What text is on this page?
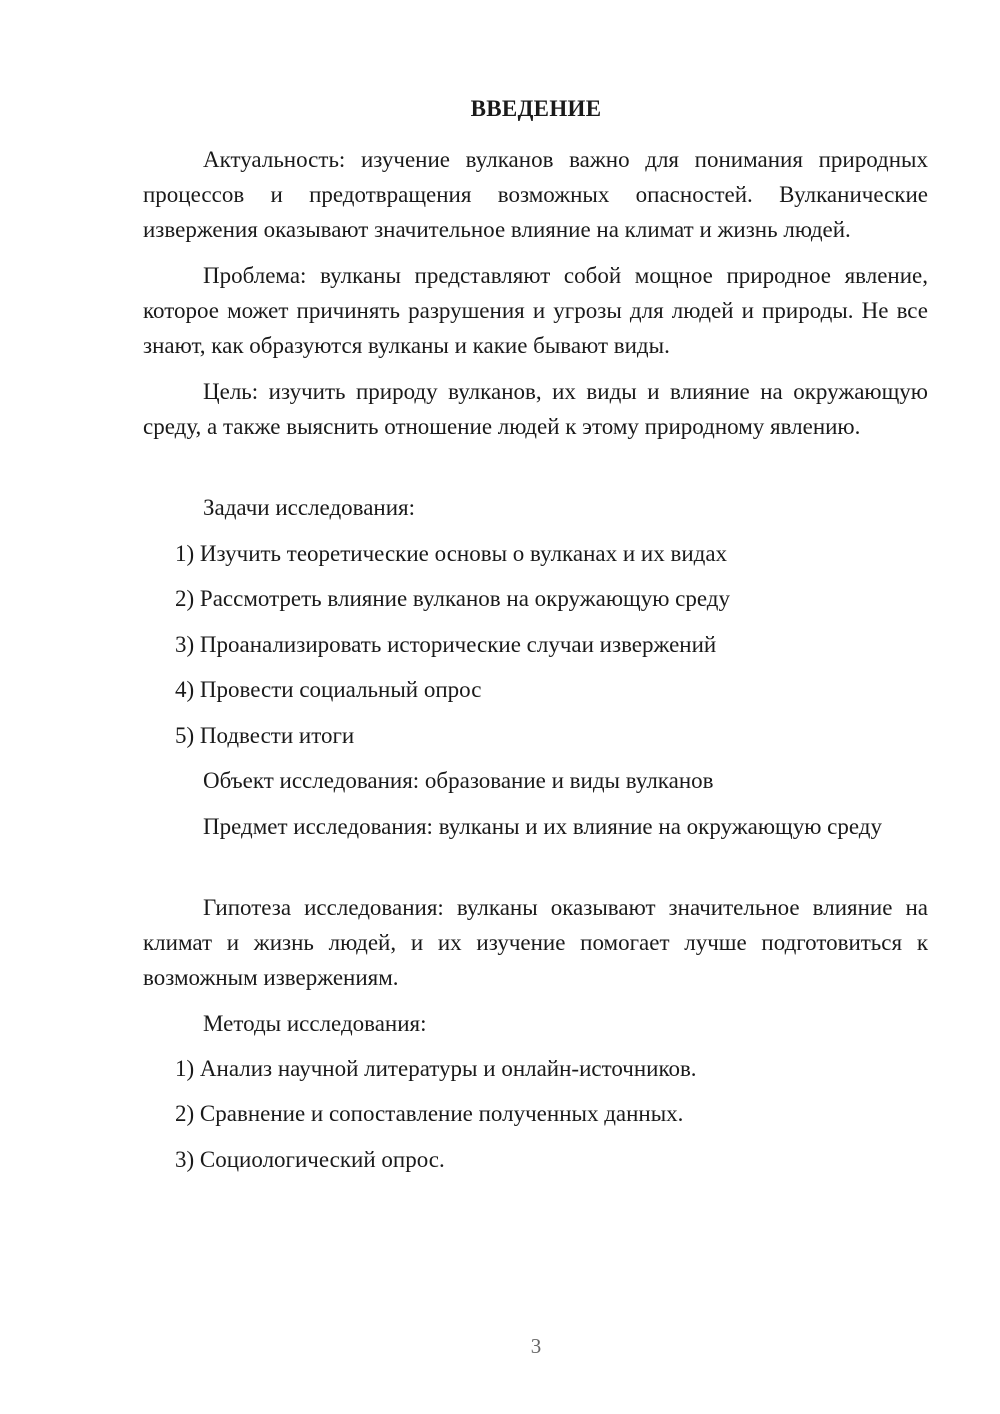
ВВЕДЕНИЕ
Актуальность: изучение вулканов важно для понимания природных процессов и предотвращения возможных опасностей. Вулканические извержения оказывают значительное влияние на климат и жизнь людей.
Проблема: вулканы представляют собой мощное природное явление, которое может причинять разрушения и угрозы для людей и природы. Не все знают, как образуются вулканы и какие бывают виды.
Цель: изучить природу вулканов, их виды и влияние на окружающую среду, а также выяснить отношение людей к этому природному явлению.
Задачи исследования:
1) Изучить теоретические основы о вулканах и их видах
2) Рассмотреть влияние вулканов на окружающую среду
3) Проанализировать исторические случаи извержений
4) Провести социальный опрос
5) Подвести итоги
Объект исследования: образование и виды вулканов
Предмет исследования: вулканы и их влияние на окружающую среду
Гипотеза исследования: вулканы оказывают значительное влияние на климат и жизнь людей, и их изучение помогает лучше подготовиться к возможным извержениям.
Методы исследования:
1) Анализ научной литературы и онлайн-источников.
2) Сравнение и сопоставление полученных данных.
3) Социологический опрос.
3
